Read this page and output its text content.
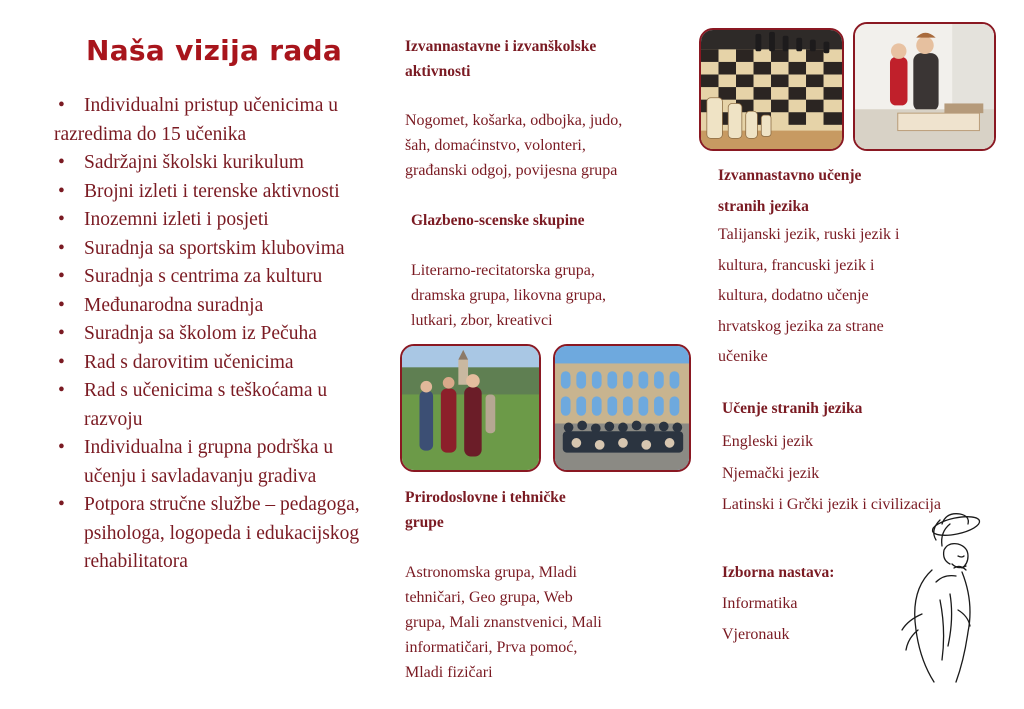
Naša vizija rada
• Individualni pristup učenicima u razredima do 15 učenika
• Sadržajni školski kurikulum
• Brojni izleti i terenske aktivnosti
• Inozemni izleti i posjeti
• Suradnja sa sportskim klubovima
• Suradnja s centrima za kulturu
• Međunarodna suradnja
• Suradnja sa školom iz Pečuha
• Rad s darovitim učenicima
• Rad s učenicima s teškoćama u razvoju
• Individualna i grupna podrška u učenju i savladavanju gradiva
• Potpora stručne službe – pedagoga, psihologa, logopeda i edukacijskog rehabilitatora
Izvannastavne i izvanškolske
aktivnosti
Nogomet, košarka, odbojka, judo,
šah, domaćinstvo, volonteri,
građanski odgoj, povijesna grupa
Glazbeno-scenske skupine
Literarno-recitatorska grupa,
dramska grupa, likovna grupa,
lutkari, zbor, kreativci
Prirodoslovne i tehničke
grupe
Astronomska grupa, Mladi
tehničari, Geo grupa, Web
grupa, Mali znanstvenici, Mali
informatičari, Prva pomoć,
Mladi fizičari
Izvannastavno učenje
stranih jezika
Talijanski jezik, ruski jezik i
kultura, francuski jezik i
kultura, dodatno učenje
hrvatskog jezika za strane
učenike
Učenje stranih jezika
Engleski jezik
Njemački jezik
Latinski i Grčki jezik i civilizacija
Izborna nastava:
Informatika
Vjeronauk
